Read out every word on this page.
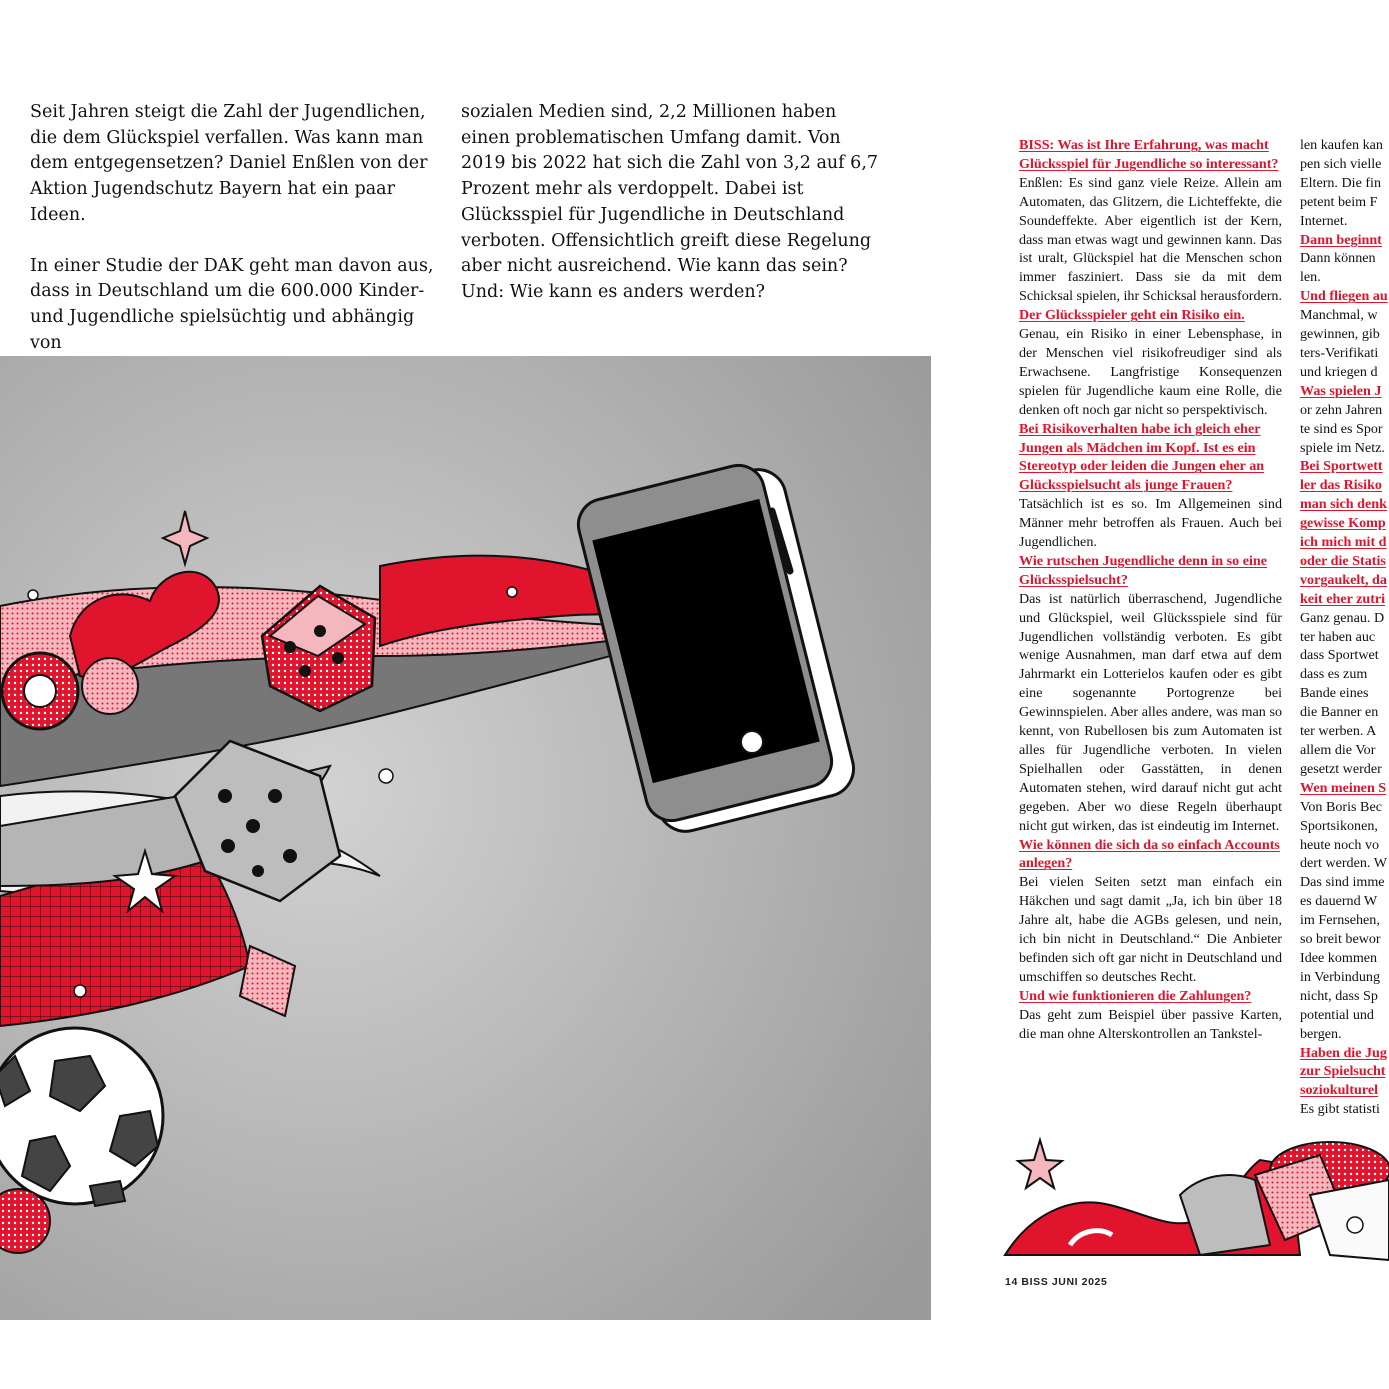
Seit Jahren steigt die Zahl der Jugendlichen, die dem Glückspiel verfallen. Was kann man dem entgegensetzen? Daniel Enßlen von der Aktion Jugendschutz Bayern hat ein paar Ideen.

In einer Studie der DAK geht man davon aus, dass in Deutschland um die 600.000 Kinder- und Jugendliche spielsüchtig und abhängig von

sozialen Medien sind, 2,2 Millionen haben einen problematischen Umfang damit. Von 2019 bis 2022 hat sich die Zahl von 3,2 auf 6,7 Prozent mehr als verdoppelt. Dabei ist Glücksspiel für Jugendliche in Deutschland verboten. Offensichtlich greift diese Regelung aber nicht ausreichend. Wie kann das sein? Und: Wie kann es anders werden?

BISS: Was ist Ihre Erfahrung, was macht Glücksspiel für Jugendliche so interessant?

Enßlen: Es sind ganz viele Reize. Allein am Automaten, das Glitzern, die Lichteffekte, die Soundeffekte. Aber eigentlich ist der Kern, dass man etwas wagt und gewinnen kann. Das ist uralt, Glückspiel hat die Menschen schon immer fasziniert. Dass sie da mit dem Schicksal spielen, ihr Schicksal herausfordern.

Der Glücksspieler geht ein Risiko ein.

Genau, ein Risiko in einer Lebensphase, in der Menschen viel risikofreudiger sind als Erwachsene. Langfristige Konsequenzen spielen für Jugendliche kaum eine Rolle, die denken oft noch gar nicht so perspektivisch.

Bei Risikoverhalten habe ich gleich eher Jungen als Mädchen im Kopf. Ist es ein Stereotyp oder leiden die Jungen eher an Glücksspielsucht als junge Frauen?

Tatsächlich ist es so. Im Allgemeinen sind Männer mehr betroffen als Frauen. Auch bei Jugendlichen.

Wie rutschen Jugendliche denn in so eine Glücksspielsucht?

Das ist natürlich überraschend, Jugendliche und Glückspiel, weil Glücksspiele sind für Jugendlichen vollständig verboten. Es gibt wenige Ausnahmen, man darf etwa auf dem Jahrmarkt ein Lotterielos kaufen oder es gibt eine sogenannte Portogrenze bei Gewinnspielen. Aber alles andere, was man so kennt, von Rubellosen bis zum Automaten ist alles für Jugendliche verboten. In vielen Spielhallen oder Gasstätten, in denen Automaten stehen, wird darauf nicht gut acht gegeben. Aber wo diese Regeln überhaupt nicht gut wirken, das ist eindeutig im Internet.

Wie können die sich da so einfach Accounts anlegen?

Bei vielen Seiten setzt man einfach ein Häkchen und sagt damit „Ja, ich bin über 18 Jahre alt, habe die AGBs gelesen, und nein, ich bin nicht in Deutschland.“ Die Anbieter befinden sich oft gar nicht in Deutschland und umschiffen so deutsches Recht.

Und wie funktionieren die Zahlungen?

Das geht zum Beispiel über passive Karten, die man ohne Alterskontrollen an Tankstel-

len kaufen kan

pen sich vielle

Eltern. Die fin

petent beim F

Internet.

Dann beginnt

Dann können

len.

Und fliegen au

Manchmal, w

gewinnen, gib

ters-Verifikati

und kriegen d

Was spielen J

or zehn Jahren

te sind es Spor

spiele im Netz.

Bei Sportwett

ler das Risiko

man sich denk

gewisse Komp

ich mich mit d

oder die Statis

vorgaukelt, da

keit eher zutri

Ganz genau. D

ter haben auc

dass Sportwet

dass es zum

Bande eines

die Banner en

ter werben. A

allem die Vor

gesetzt werder

Wen meinen S

Von Boris Bec

Sportsikonen,

heute noch vo

dert werden. W

Das sind imme

es dauernd W

im Fernsehen,

so breit bewor

Idee kommen

in Verbindung

nicht, dass Sp

potential und

bergen.

Haben die Jug

zur Spielsucht

soziokulturel

Es gibt statisti

14 BISS JUNI 2025
